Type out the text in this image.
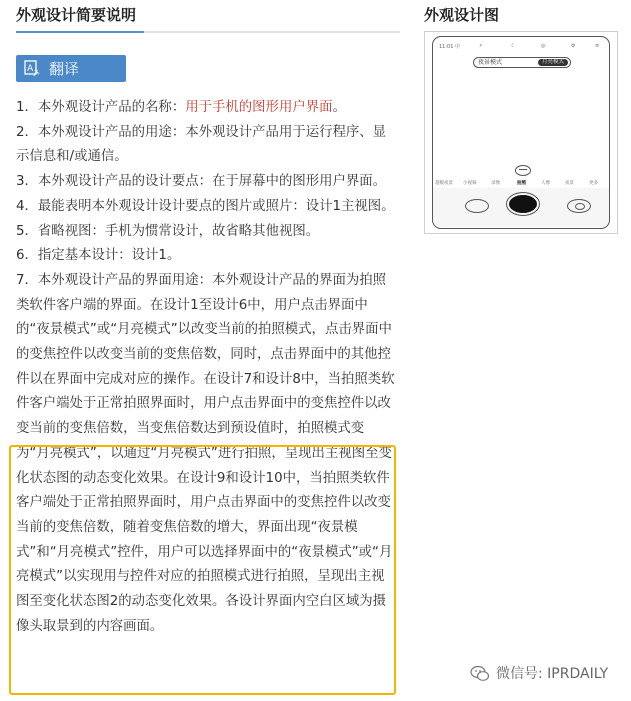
外观设计简要说明	外观设计图
A 翻译

1．本外观设计产品的名称：用于手机的图形用户界面。

2．本外观设计产品的用途：本外观设计产品用于运行程序、显示信息和/或通信。

3．本外观设计产品的设计要点：在于屏幕中的图形用户界面。

4．最能表明本外观设计设计要点的图片或照片：设计1主视图。

5．省略视图：手机为惯常设计，故省略其他视图。

6．指定基本设计：设计1。

7．本外观设计产品的界面用途：本外观设计产品的界面为拍照类软件客户端的界面。在设计1至设计6中，用户点击界面中的“夜景模式”或“月亮模式”以改变当前的拍照模式，点击界面中的变焦控件以改变当前的变焦倍数，同时，点击界面中的其他控件以在界面中完成对应的操作。在设计7和设计8中，当拍照类软件客户端处于正常拍照界面时，用户点击界面中的变焦控件以改变当前的变焦倍数，当变焦倍数达到预设值时，拍照模式变为“月亮模式”，以通过“月亮模式”进行拍照，呈现出主视图至变化状态图的动态变化效果。在设计9和设计10中，当拍照类软件客户端处于正常拍照界面时，用户点击界面中的变焦控件以改变当前的变焦倍数，随着变焦倍数的增大，界面出现“夜景模式”和“月亮模式”控件，用户可以选择界面中的“夜景模式”或“月亮模式”以实现用与控件对应的拍照模式进行拍照，呈现出主视图至变化状态图2的动态变化效果。各设计界面内空白区域为摄像头取景到的内容画面。

11:01 中	⚡	☾	◎	⚙	≡
夜景模式	月亮模式
超级夜景 小视频	录像	拍照	人像	夜景	更多
微信号: IPRDAILY
